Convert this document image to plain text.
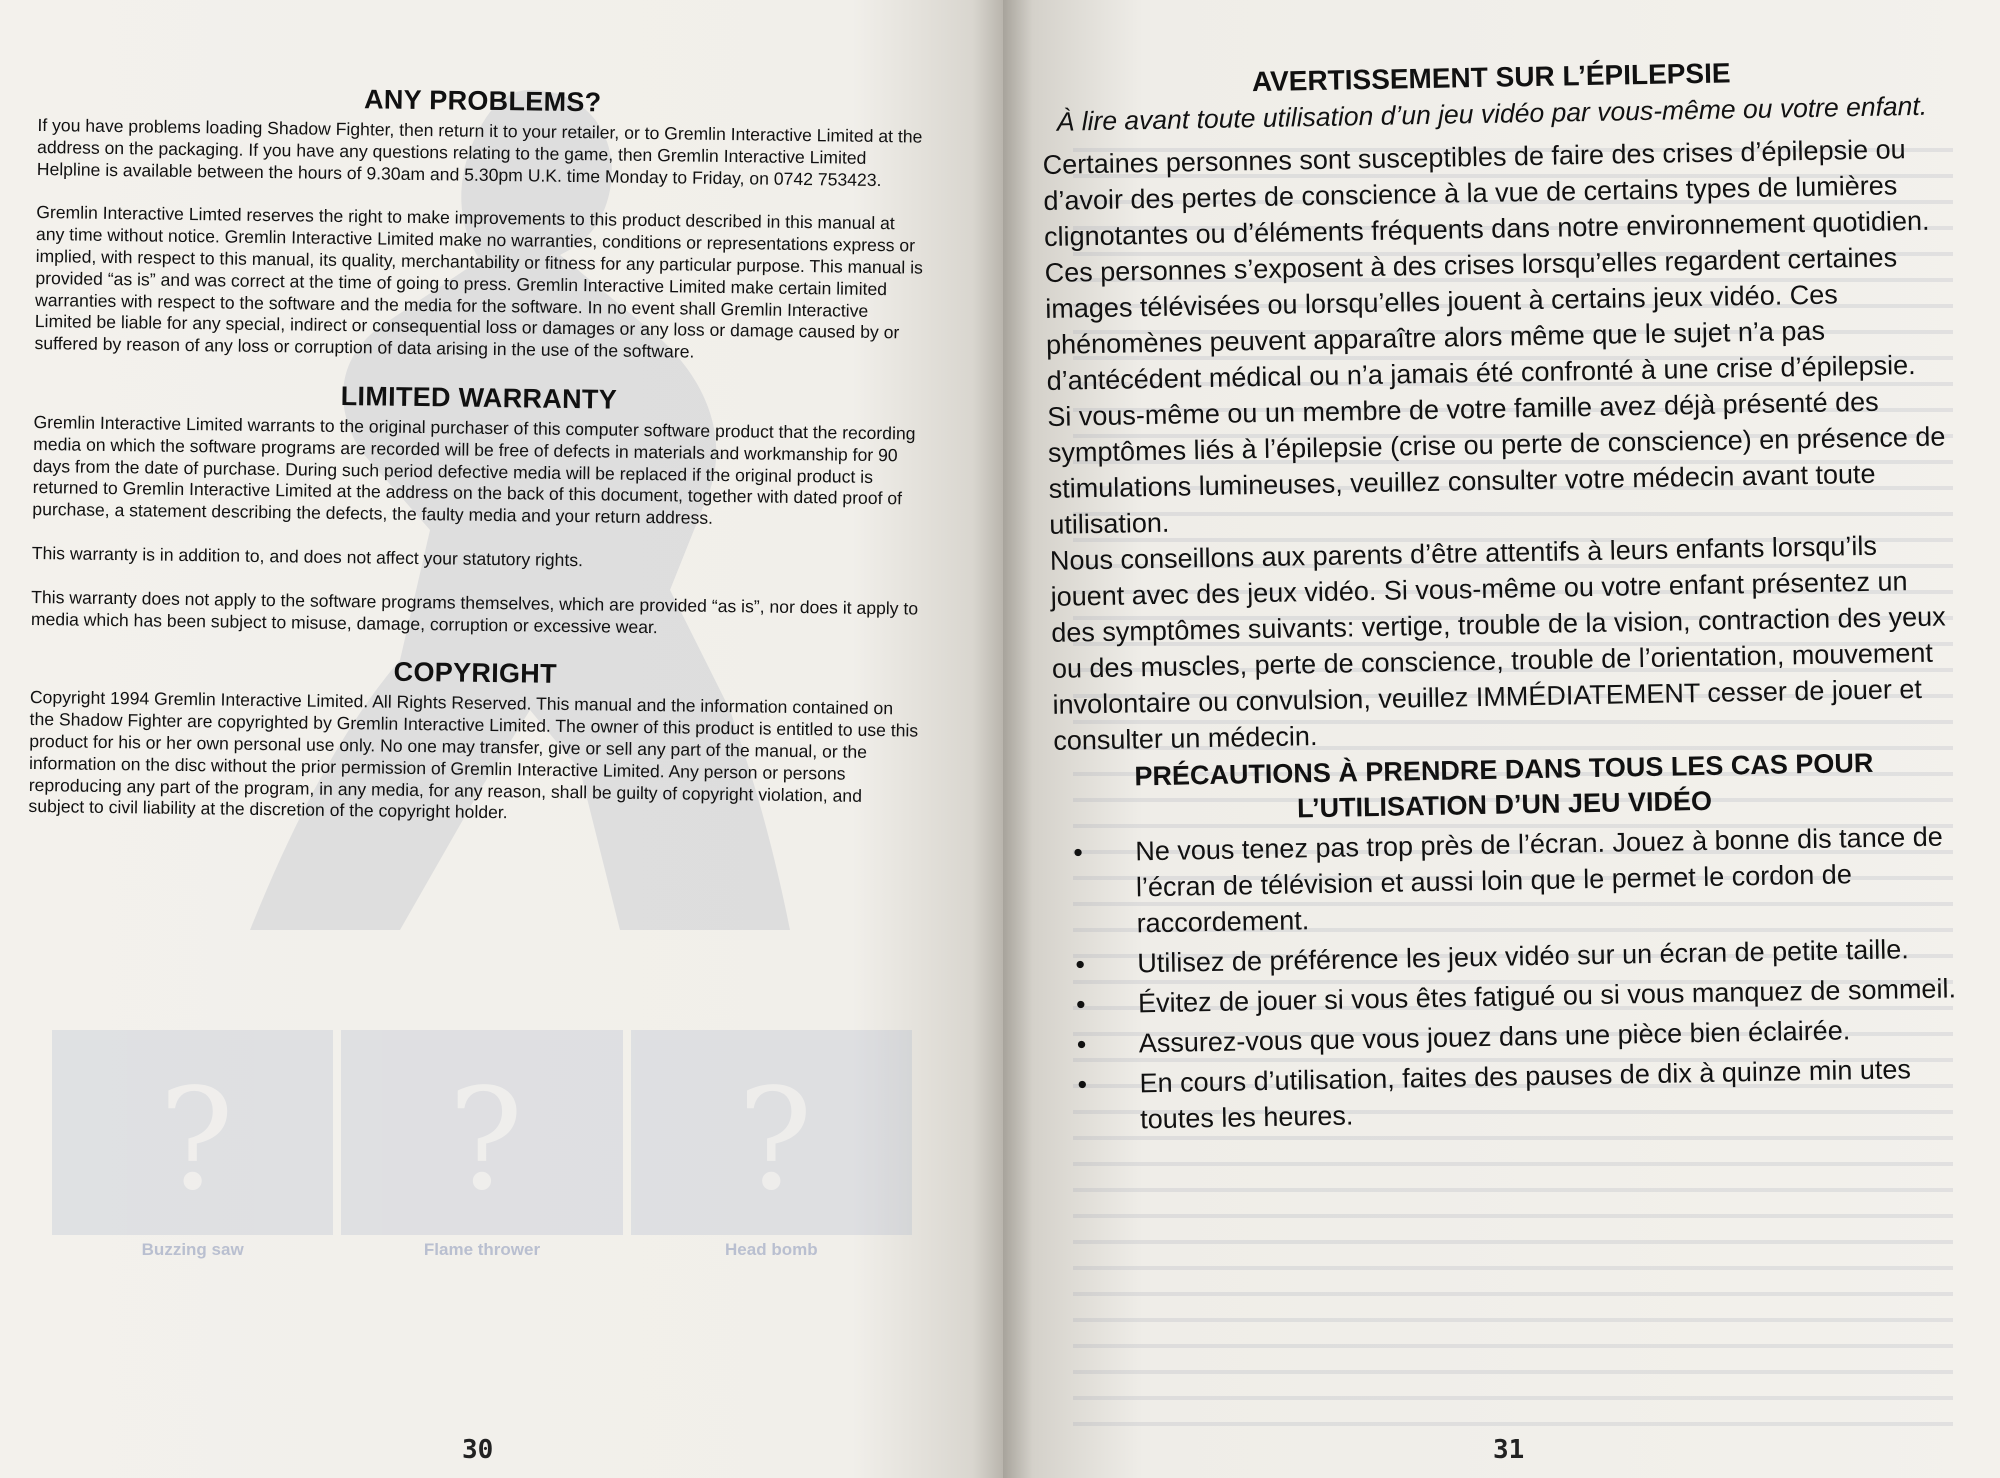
? ? ?
Buzzing saw	Flame thrower	Head bomb
ANY PROBLEMS?

If you have problems loading Shadow Fighter, then return it to your retailer, or to Gremlin Interactive Limited at the address on the packaging. If you have any questions relating to the game, then Gremlin Interactive Limited Helpline is available between the hours of 9.30am and 5.30pm U.K. time Monday to Friday, on 0742 753423.

Gremlin Interactive Limted reserves the right to make improvements to this product described in this manual at any time without notice. Gremlin Interactive Limited make no warranties, conditions or representations express or implied, with respect to this manual, its quality, merchantability or fitness for any particular purpose. This manual is provided “as is” and was correct at the time of going to press. Gremlin Interactive Limited make certain limited warranties with respect to the software and the media for the software. In no event shall Gremlin Interactive Limited be liable for any special, indirect or consequential loss or damages or any loss or damage caused by or suffered by reason of any loss or corruption of data arising in the use of the software.

LIMITED WARRANTY

Gremlin Interactive Limited warrants to the original purchaser of this computer software product that the recording media on which the software programs are recorded will be free of defects in materials and workmanship for 90 days from the date of purchase. During such period defective media will be replaced if the original product is returned to Gremlin Interactive Limited at the address on the back of this document, together with dated proof of purchase, a statement describing the defects, the faulty media and your return address.

This warranty is in addition to, and does not affect your statutory rights.

This warranty does not apply to the software programs themselves, which are provided “as is”, nor does it apply to media which has been subject to misuse, damage, corruption or excessive wear.

COPYRIGHT

Copyright 1994 Gremlin Interactive Limited. All Rights Reserved. This manual and the information contained on the Shadow Fighter are copyrighted by Gremlin Interactive Limited. The owner of this product is entitled to use this product for his or her own personal use only. No one may transfer, give or sell any part of the manual, or the information on the disc without the prior permission of Gremlin Interactive Limited. Any person or persons reproducing any part of the program, in any media, for any reason, shall be guilty of copyright violation, and subject to civil liability at the discretion of the copyright holder.

30
AVERTISSEMENT SUR L’ÉPILEPSIE
À lire avant toute utilisation d’un jeu vidéo par vous-même ou votre enfant.

Certaines personnes sont susceptibles de faire des crises d’épilepsie ou d’avoir des pertes de conscience à la vue de certains types de lumières clignotantes ou d’éléments fréquents dans notre environnement quotidien. Ces personnes s’exposent à des crises lorsqu’elles regardent certaines images télévisées ou lorsqu’elles jouent à certains jeux vidéo. Ces phénomènes peuvent apparaître alors même que le sujet n’a pas d’antécédent médical ou n’a jamais été confronté à une crise d’épilepsie.

Si vous-même ou un membre de votre famille avez déjà présenté des symptômes liés à l’épilepsie (crise ou perte de conscience) en présence de stimulations lumineuses, veuillez consulter votre médecin avant toute utilisation.

Nous conseillons aux parents d’être attentifs à leurs enfants lorsqu’ils jouent avec des jeux vidéo. Si vous-même ou votre enfant présentez un des symptômes suivants: vertige, trouble de la vision, contraction des yeux ou des muscles, perte de conscience, trouble de l’orientation, mouvement involontaire ou convulsion, veuillez IMMÉDIATEMENT cesser de jouer et consulter un médecin.

PRÉCAUTIONS À PRENDRE DANS TOUS LES CAS POUR L’UTILISATION D’UN JEU VIDÉO
• Ne vous tenez pas trop près de l’écran. Jouez à bonne dis tance de l’écran de télévision et aussi loin que le permet le cordon de raccordement.
• Utilisez de préférence les jeux vidéo sur un écran de petite taille.
• Évitez de jouer si vous êtes fatigué ou si vous manquez de sommeil.
• Assurez-vous que vous jouez dans une pièce bien éclairée.
• En cours d’utilisation, faites des pauses de dix à quinze min utes toutes les heures.
31
